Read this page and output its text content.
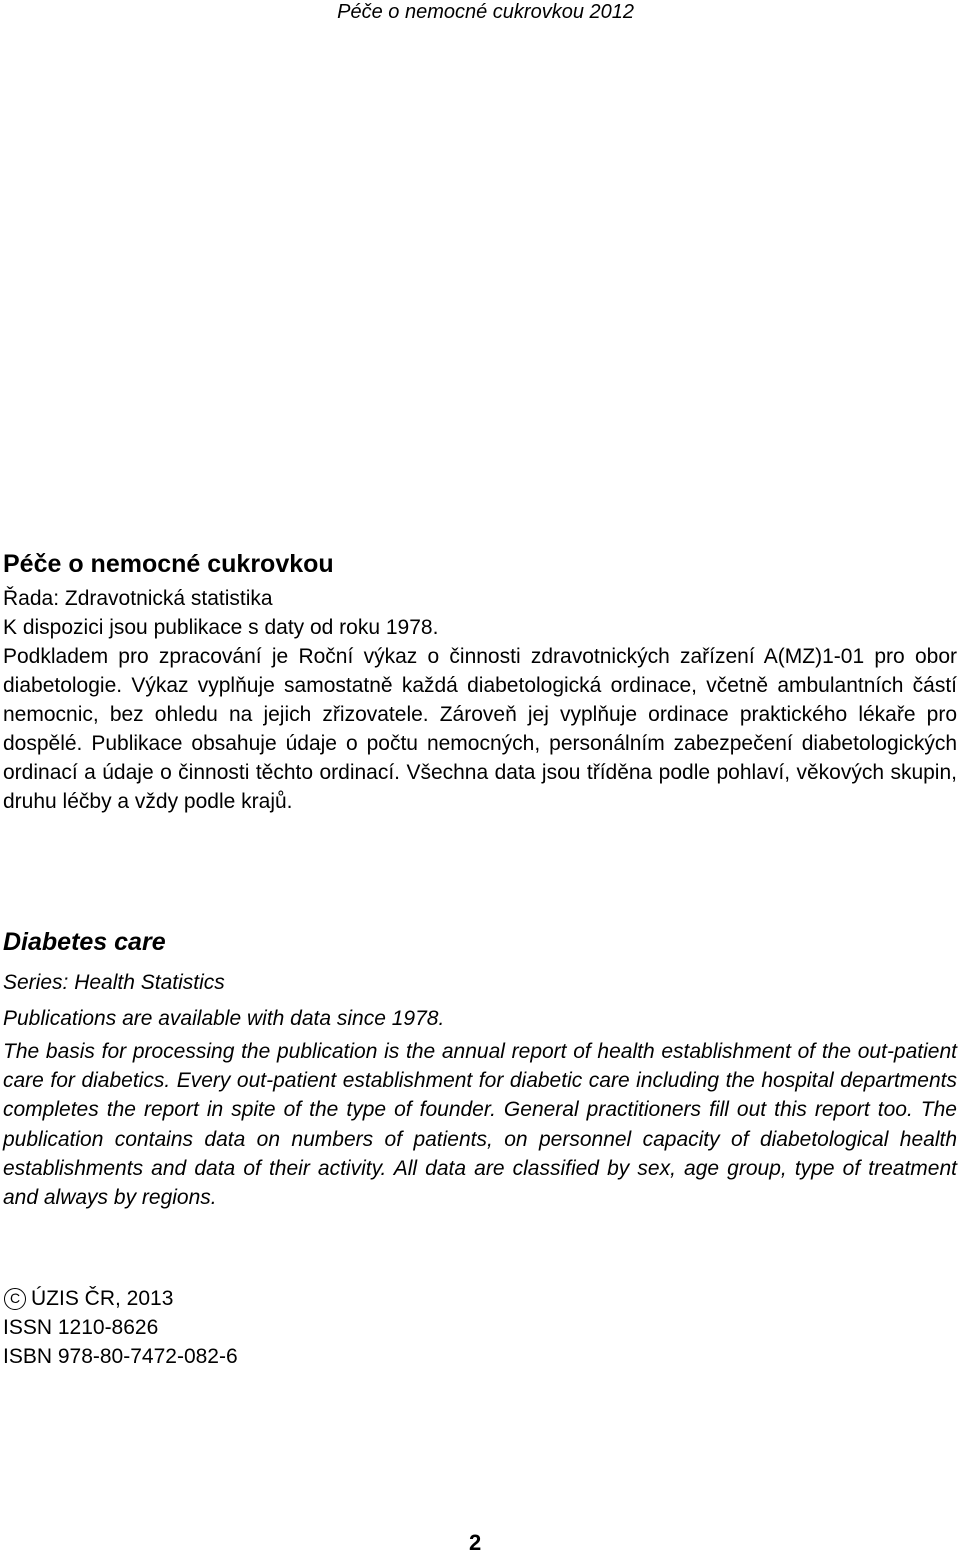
Péče o nemocné cukrovkou 2012
Péče o nemocné cukrovkou
Řada: Zdravotnická statistika
K dispozici jsou publikace s daty od roku 1978.
Podkladem pro zpracování je Roční výkaz o činnosti zdravotnických zařízení A(MZ)1-01 pro obor diabetologie. Výkaz vyplňuje samostatně každá diabetologická ordinace, včetně ambulantních částí nemocnic, bez ohledu na jejich zřizovatele. Zároveň jej vyplňuje ordinace praktického lékaře pro dospělé. Publikace obsahuje údaje o počtu nemocných, personálním zabezpečení diabetologických ordinací a údaje o činnosti těchto ordinací. Všechna data jsou tříděna podle pohlaví, věkových skupin, druhu léčby a vždy podle krajů.
Diabetes care
Series: Health Statistics
Publications are available with data since 1978.
The basis for processing the publication is the annual report of health establishment of the out-patient care for diabetics. Every out-patient establishment for diabetic care including the hospital departments completes the report in spite of the type of founder. General practitioners fill out this report too. The publication contains data on numbers of patients, on personnel capacity of diabetological health establishments and data of their activity. All data are classified by sex, age group, type of treatment and always by regions.
C ÚZIS ČR, 2013
ISSN 1210-8626
ISBN 978-80-7472-082-6
2
